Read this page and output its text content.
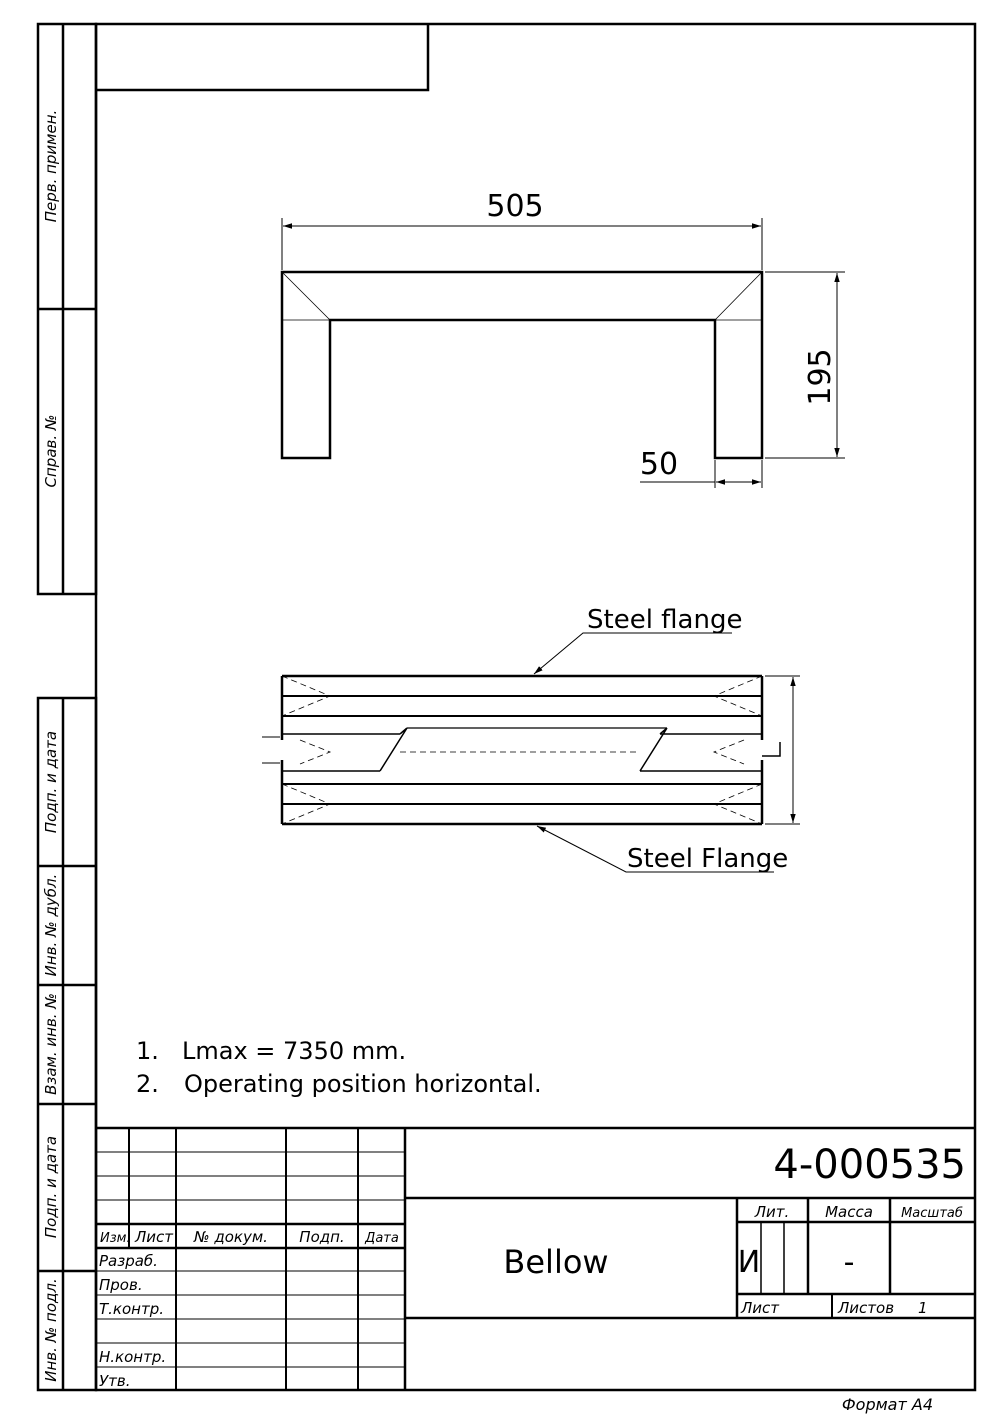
Перв. примен.
Справ. №
Подп. и дата
Инв. № дубл.
Взам. инв. №
Подп. и дата
Инв. № подл.
505
195
50
Steel flange
Steel Flange
1. Lmax = 7350 mm.
2. Operating position horizontal.
4-000535
Bellow
Изм. Лист № докум. Подп. Дата
Разраб.
Пров.
Т.контр.
Н.контр.
Утв.
Лит. Масса Масштаб
И	-
Лист	Листов 1
Формат А4
